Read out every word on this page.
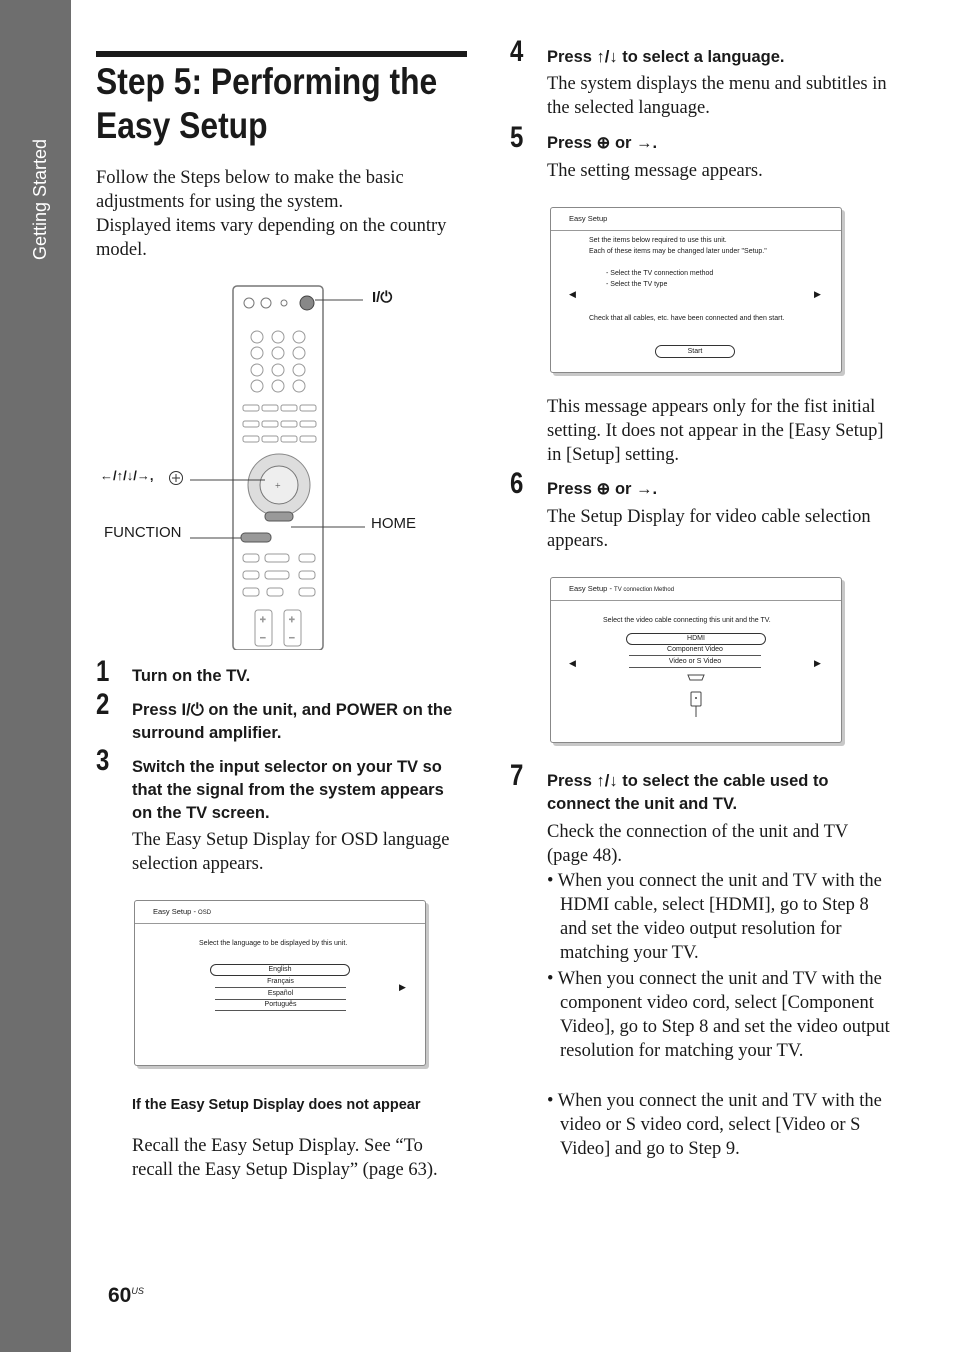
Getting Started
Step 5: Performing the Easy Setup

Follow the Steps below to make the basic adjustments for using the system.

Displayed items vary depending on the country model.

+
+ +
− −
I/⏻
←/↑/↓/→,
FUNCTION
HOME
1 Turn on the TV.

2 Press I/⏻ on the unit, and POWER on the surround amplifier.

3 Switch the input selector on your TV so that the signal from the system appears on the TV screen.

The Easy Setup Display for OSD language selection appears.

Easy Setup - OSD
Select the language to be displayed by this unit.
English
Français
Español
Português
▶

If the Easy Setup Display does not appear

Recall the Easy Setup Display. See “To recall the Easy Setup Display” (page 63).

$60^{US}$
4 Press ↑/↓ to select a language.

The system displays the menu and subtitles in the selected language.

5 Press ⊕ or →.

The setting message appears.

Easy Setup
Set the items below required to use this unit.
Each of these items may be changed later under "Setup."
- Select the TV connection method
- Select the TV type
◀	▶
Check that all cables, etc. have been connected and then start.
Start

This message appears only for the fist initial setting. It does not appear in the [Easy Setup] in [Setup] setting.

6 Press ⊕ or →.

The Setup Display for video cable selection appears.

Easy Setup - TV connection Method
Select the video cable connecting this unit and the TV.
HDMI
Component Video
Video or S Video
◀	▶
7 Press ↑/↓ to select the cable used to connect the unit and TV.

Check the connection of the unit and TV (page 48).

• When you connect the unit and TV with the HDMI cable, select [HDMI], go to Step 8 and set the video output resolution for matching your TV.

• When you connect the unit and TV with the component video cord, select [Component Video], go to Step 8 and set the video output resolution for matching your TV.

• When you connect the unit and TV with the video or S video cord, select [Video or S Video] and go to Step 9.
